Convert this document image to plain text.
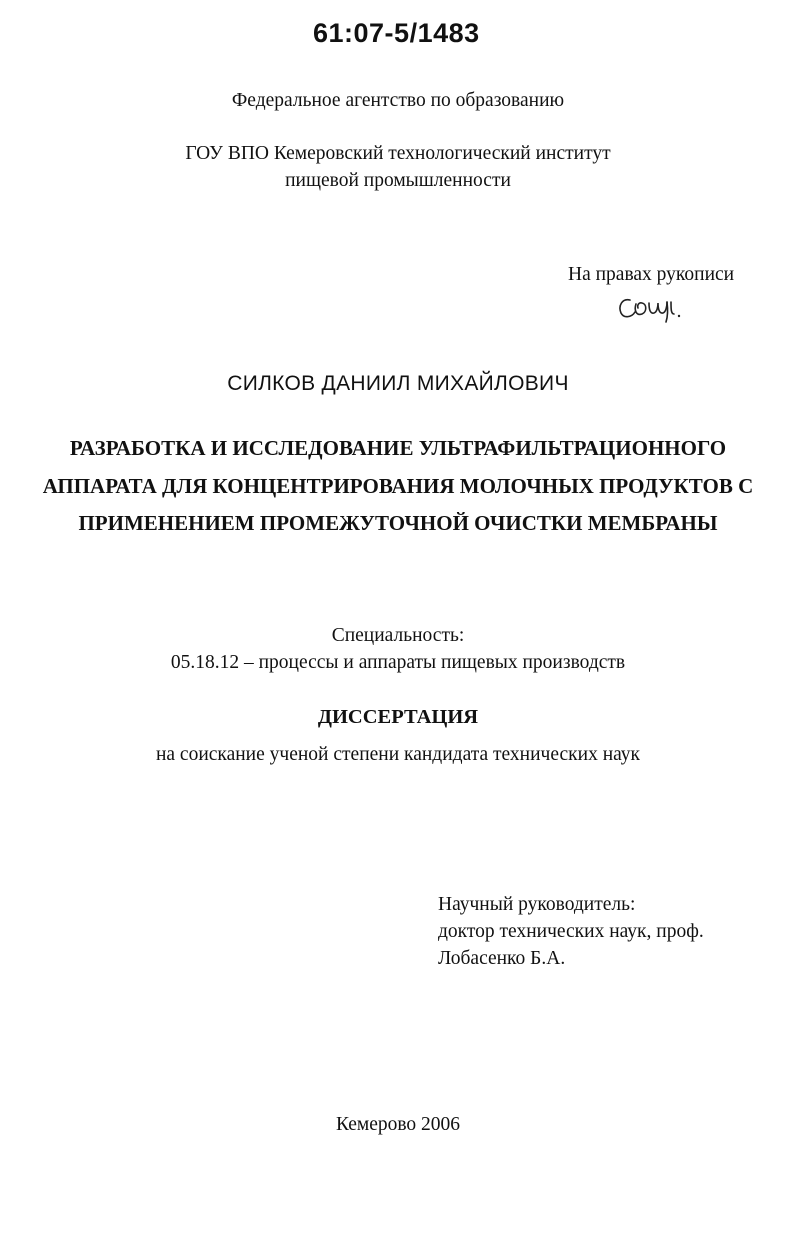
61:07-5/1483
Федеральное агентство по образованию
ГОУ ВПО Кемеровский технологический институт
пищевой промышленности
На правах рукописи
СИЛКОВ ДАНИИЛ МИХАЙЛОВИЧ
РАЗРАБОТКА И ИССЛЕДОВАНИЕ УЛЬТРАФИЛЬТРАЦИОННОГО
АППАРАТА ДЛЯ КОНЦЕНТРИРОВАНИЯ МОЛОЧНЫХ ПРОДУКТОВ С
ПРИМЕНЕНИЕМ ПРОМЕЖУТОЧНОЙ ОЧИСТКИ МЕМБРАНЫ
Специальность:
05.18.12 – процессы и аппараты пищевых производств
ДИССЕРТАЦИЯ
на соискание ученой степени кандидата технических наук
Научный руководитель:
доктор технических наук, проф.
Лобасенко Б.А.
Кемерово 2006
